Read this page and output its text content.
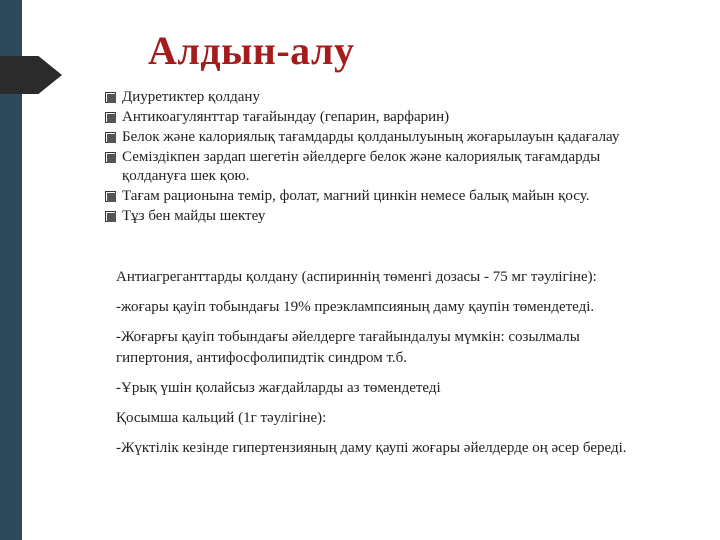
Алдын-алу
Диуретиктер қолдану
Антикоагулянттар тағайындау (гепарин, варфарин)
Белок және калориялық тағамдарды қолданылуының жоғарылауын қадағалау
Семіздікпен зардап шегетін әйелдерге белок және калориялық тағамдарды қолдануға шек қою.
Тағам рационына темір, фолат, магний цинкін немесе балық майын қосу.
Тұз бен майды шектеу

Антиагреганттарды қолдану (аспириннің төменгі дозасы - 75 мг тәулігіне):

-жоғары қауіп тобындағы 19% преэклампсияның даму қаупін төмендетеді.

-Жоғарғы қауіп тобындағы әйелдерге тағайындалуы мүмкін: созылмалы гипертония, антифосфолипидтік синдром т.б.

-Ұрық үшін қолайсыз жағдайларды аз төмендетеді

Қосымша кальций (1г тәулігіне):

-Жүктілік кезінде гипертензияның даму қаупі жоғары әйелдерде оң әсер береді.
